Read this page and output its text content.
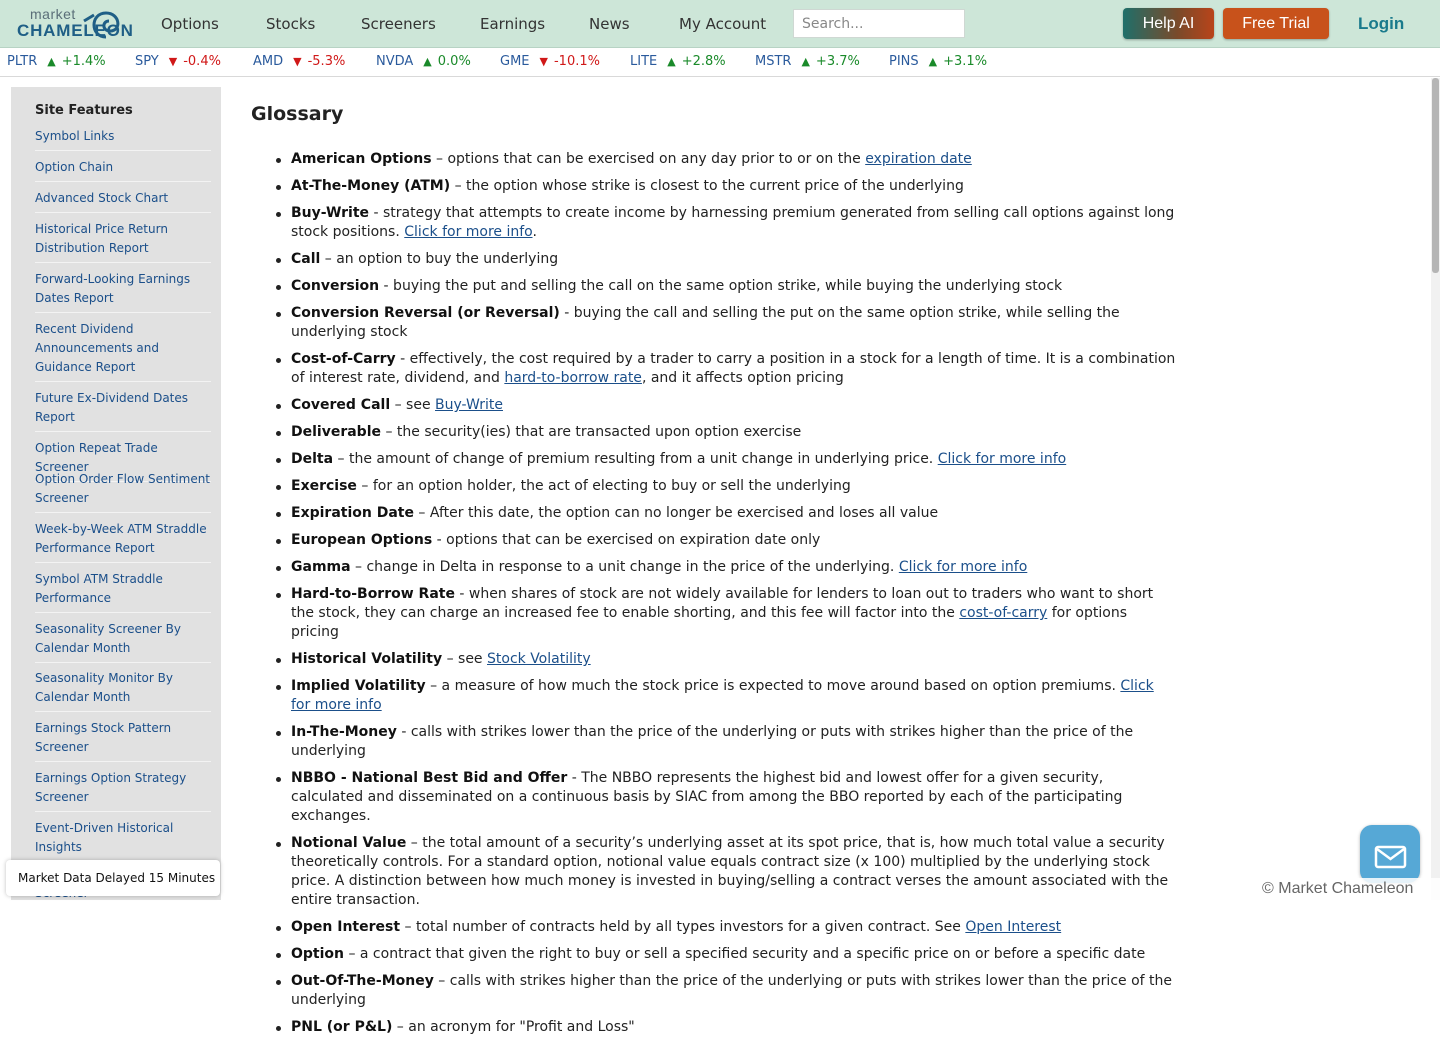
market
CHAMELEON Options	Stocks	Screeners	Earnings	News	My Account
Search...	Help AI	Free Trial	Login
PLTR ▲ +1.4% SPY ▼ -0.4% AMD ▼ -5.3% NVDA ▲ 0.0% GME ▼ -10.1% LITE ▲ +2.8% MSTR ▲ +3.7% PINS ▲ +3.1%
Site Features
Symbol Links
Option Chain
Advanced Stock Chart
Historical Price Return Distribution Report
Forward-Looking Earnings Dates Report
Recent Dividend Announcements and Guidance Report
Future Ex-Dividend Dates Report
Option Repeat Trade Screener
Option Order Flow Sentiment Screener
Week-by-Week ATM Straddle Performance Report
Symbol ATM Straddle Performance
Seasonality Screener By Calendar Month
Seasonality Monitor By Calendar Month
Earnings Stock Pattern Screener
Earnings Option Strategy Screener
Event-Driven Historical Insights
Market Data Delayed 15 Minutes
Glossary
American Options – options that can be exercised on any day prior to or on the expiration date
At-The-Money (ATM) – the option whose strike is closest to the current price of the underlying
Buy-Write - strategy that attempts to create income by harnessing premium generated from selling call options against long stock positions. Click for more info.
Call – an option to buy the underlying
Conversion - buying the put and selling the call on the same option strike, while buying the underlying stock
Conversion Reversal (or Reversal) - buying the call and selling the put on the same option strike, while selling the underlying stock
Cost-of-Carry - effectively, the cost required by a trader to carry a position in a stock for a length of time. It is a combination of interest rate, dividend, and hard-to-borrow rate, and it affects option pricing
Covered Call – see Buy-Write
Deliverable – the security(ies) that are transacted upon option exercise
Delta – the amount of change of premium resulting from a unit change in underlying price. Click for more info
Exercise – for an option holder, the act of electing to buy or sell the underlying
Expiration Date – After this date, the option can no longer be exercised and loses all value
European Options - options that can be exercised on expiration date only
Gamma – change in Delta in response to a unit change in the price of the underlying. Click for more info
Hard-to-Borrow Rate - when shares of stock are not widely available for lenders to loan out to traders who want to short the stock, they can charge an increased fee to enable shorting, and this fee will factor into the cost-of-carry for options pricing
Historical Volatility – see Stock Volatility
Implied Volatility – a measure of how much the stock price is expected to move around based on option premiums. Click for more info
In-The-Money - calls with strikes lower than the price of the underlying or puts with strikes higher than the price of the underlying
NBBO - National Best Bid and Offer - The NBBO represents the highest bid and lowest offer for a given security, calculated and disseminated on a continuous basis by SIAC from among the BBO reported by each of the participating exchanges.
Notional Value – the total amount of a security’s underlying asset at its spot price, that is, how much total value a security theoretically controls. For a standard option, notional value equals contract size (x 100) multiplied by the underlying stock price. A distinction between how much money is invested in buying/selling a contract verses the amount associated with the entire transaction.
Open Interest – total number of contracts held by all types investors for a given contract. See Open Interest
Option – a contract that given the right to buy or sell a specified security and a specific price on or before a specific date
Out-Of-The-Money – calls with strikes higher than the price of the underlying or puts with strikes lower than the price of the underlying
PNL (or P&L) – an acronym for "Profit and Loss"
© Market Chameleon
